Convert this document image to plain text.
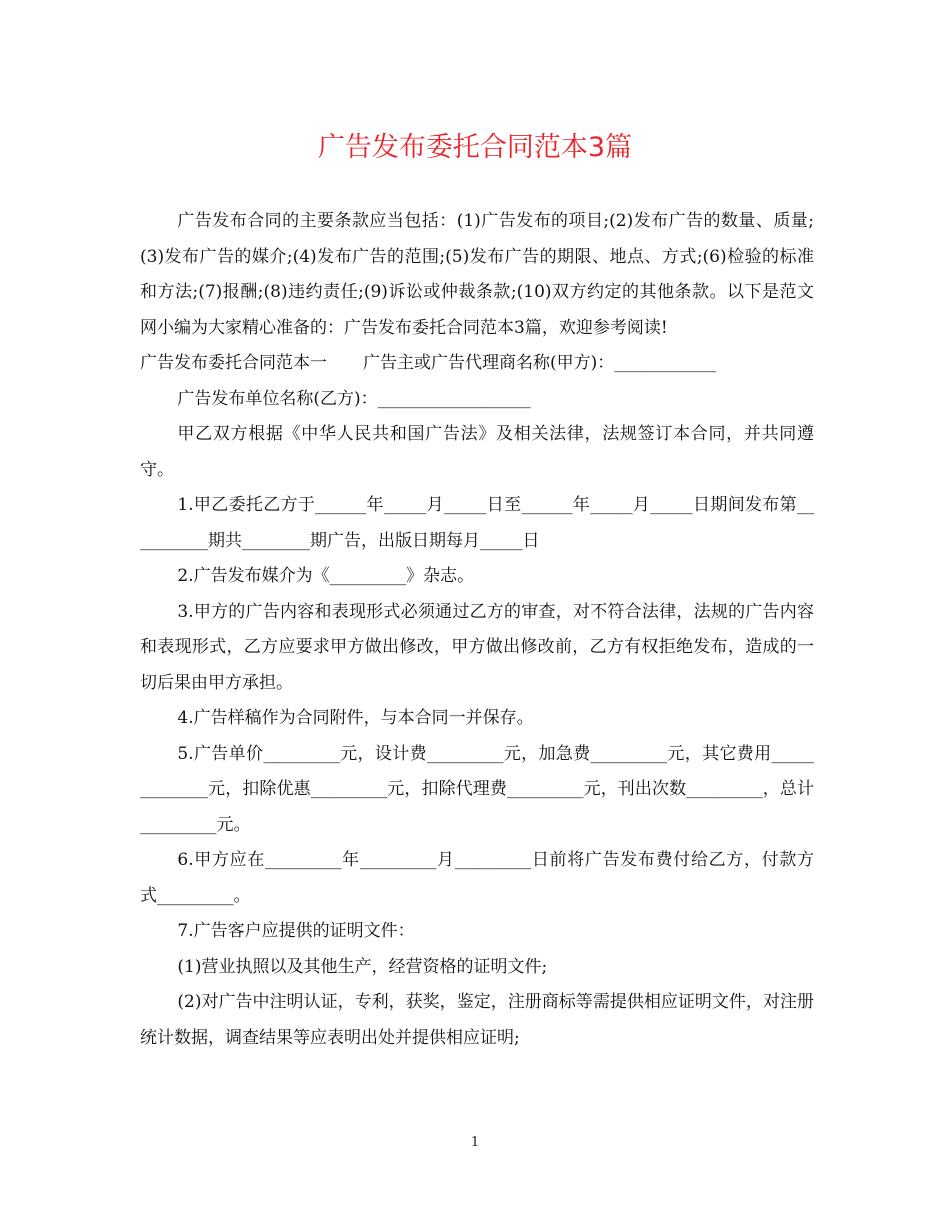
广告发布委托合同范本3篇

广告发布合同的主要条款应当包括：(1)广告发布的项目;(2)发布广告的数量、质量;(3)发布广告的媒介;(4)发布广告的范围;(5)发布广告的期限、地点、方式;(6)检验的标准和方法;(7)报酬;(8)违约责任;(9)诉讼或仲裁条款;(10)双方约定的其他条款。以下是范文网小编为大家精心准备的：广告发布委托合同范本3篇，欢迎参考阅读!

广告发布委托合同范本一 广告主或广告代理商名称(甲方)：____________

广告发布单位名称(乙方)：__________________

甲乙双方根据《中华人民共和国广告法》及相关法律，法规签订本合同，并共同遵守。

1.甲乙委托乙方于______年_____月_____日至______年_____月_____日期间发布第__________期共________期广告，出版日期每月_____日

2.广告发布媒介为《_________》杂志。

3.甲方的广告内容和表现形式必须通过乙方的审查，对不符合法律，法规的广告内容和表现形式，乙方应要求甲方做出修改，甲方做出修改前，乙方有权拒绝发布，造成的一切后果由甲方承担。

4.广告样稿作为合同附件，与本合同一并保存。

5.广告单价_________元，设计费_________元，加急费_________元，其它费用_____________元，扣除优惠_________元，扣除代理费_________元，刊出次数_________，总计_________元。

6.甲方应在_________年_________月_________日前将广告发布费付给乙方，付款方式_________。

7.广告客户应提供的证明文件：

(1)营业执照以及其他生产，经营资格的证明文件;

(2)对广告中注明认证，专利，获奖，鉴定，注册商标等需提供相应证明文件，对注册统计数据，调查结果等应表明出处并提供相应证明;

1
